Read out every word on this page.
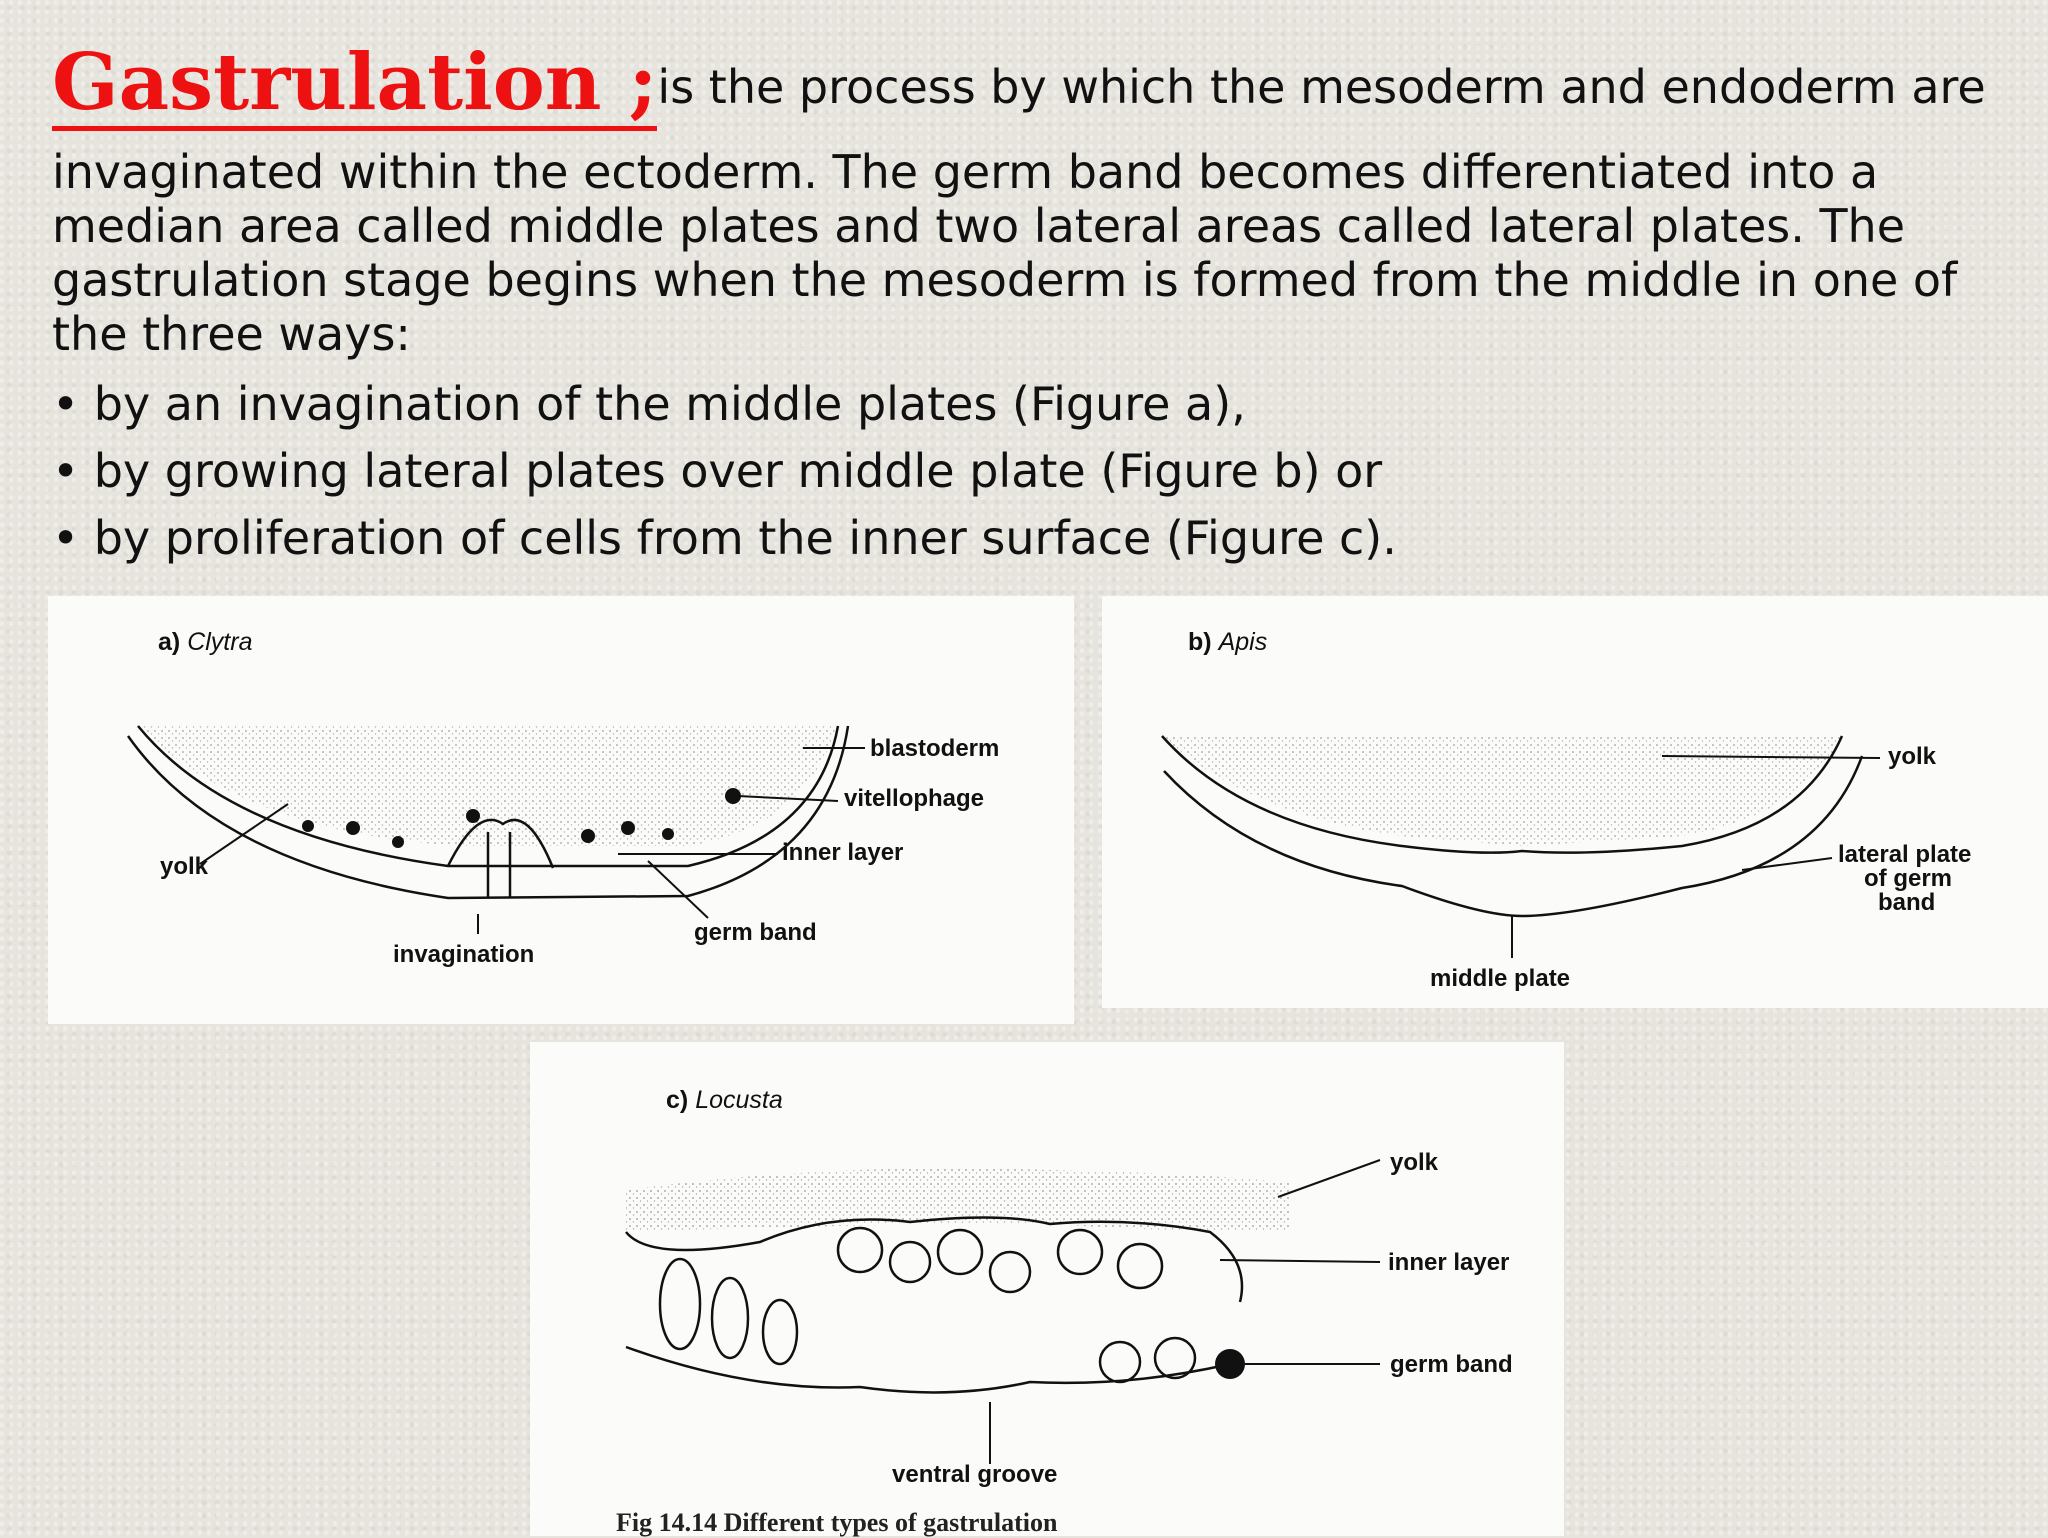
Gastrulation ;is the process by which the mesoderm and endoderm are
invaginated within the ectoderm. The germ band becomes differentiated into a median area called middle plates and two lateral areas called lateral plates. The gastrulation stage begins when the mesoderm is formed from the middle in one of the three ways:
• by an invagination of the middle plates (Figure a),
• by growing lateral plates over middle plate (Figure b) or
• by proliferation of cells from the inner surface (Figure c).
blastoderm
vitellophage
inner layer
yolk
germ band
invagination
a) Clytra
yolk
lateral plate
of germ
band
middle plate
b) Apis
yolk
inner layer
germ band
ventral groove
c) Locusta
Fig 14.14 Different types of gastrulation
